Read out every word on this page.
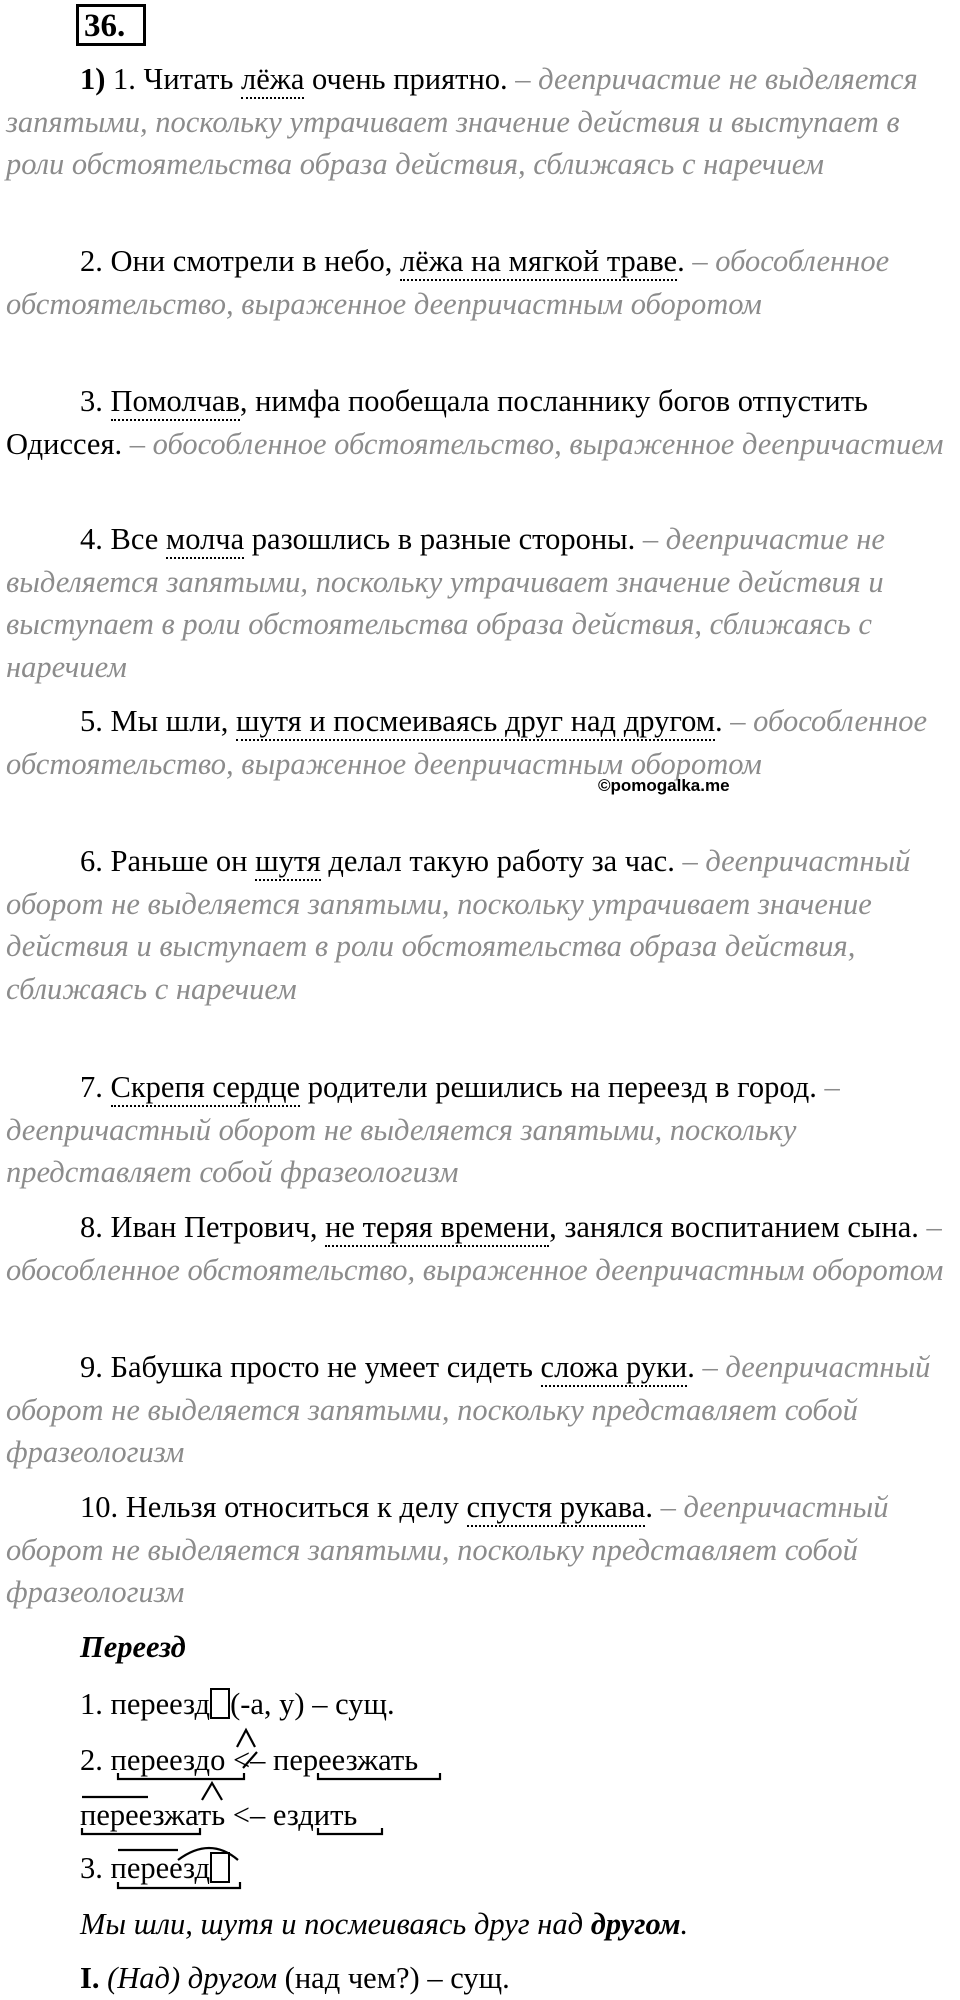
36.

1) 1. Читать лёжа очень приятно. – деепричастие не выделяется запятыми, поскольку утрачивает значение действия и выступает в роли обстоятельства образа действия, сближаясь с наречием

2. Они смотрели в небо, лёжа на мягкой траве. – обособленное обстоятельство, выраженное деепричастным оборотом

3. Помолчав, нимфа пообещала посланнику богов отпустить Одиссея. – обособленное обстоятельство, выраженное деепричастием

4. Все молча разошлись в разные стороны. – деепричастие не выделяется запятыми, поскольку утрачивает значение действия и выступает в роли обстоятельства образа действия, сближаясь с наречием

5. Мы шли, шутя и посмеиваясь друг над другом. – обособленное обстоятельство, выраженное деепричастным оборотом

©pomogalka.me

6. Раньше он шутя делал такую работу за час. – деепричастный оборот не выделяется запятыми, поскольку утрачивает значение действия и выступает в роли обстоятельства образа действия, сближаясь с наречием

7. Скрепя сердце родители решились на переезд в город. – деепричастный оборот не выделяется запятыми, поскольку представляет собой фразеологизм

8. Иван Петрович, не теряя времени, занялся воспитанием сына. – обособленное обстоятельство, выраженное деепричастным оборотом

9. Бабушка просто не умеет сидеть сложа руки. – деепричастный оборот не выделяется запятыми, поскольку представляет собой фразеологизм

10. Нельзя относиться к делу спустя рукава. – деепричастный оборот не выделяется запятыми, поскольку представляет собой фразеологизм

Переезд
1. переезд (-а, у) – сущ.
2. переездо <– переезжать
переезжать <– ездить
3. переезд
Мы шли, шутя и посмеиваясь друг над другом.
I. (Над) другом (над чем?) – сущ.
